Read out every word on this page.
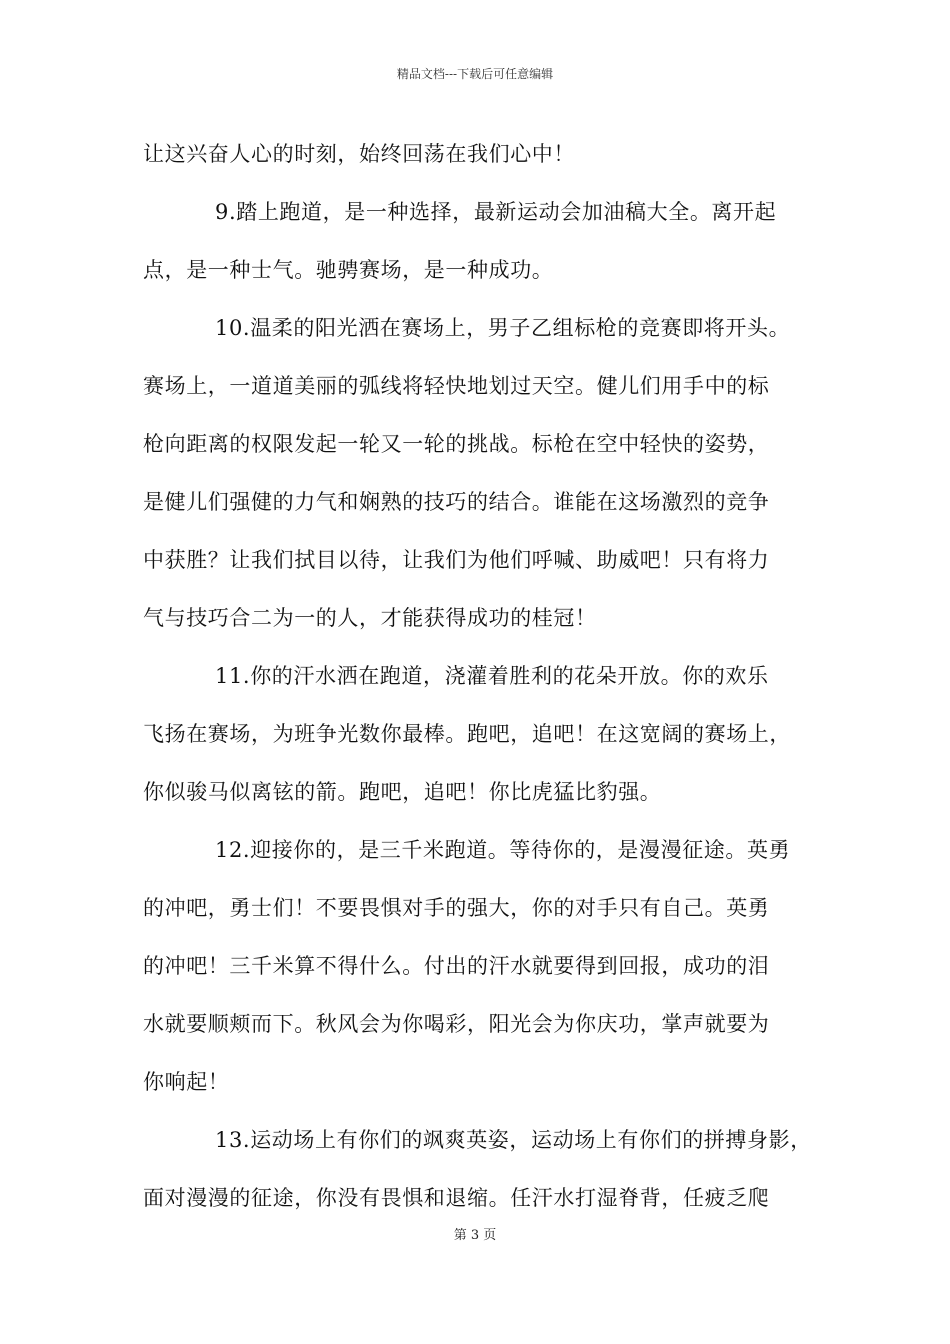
精品文档---下载后可任意编辑
让这兴奋人心的时刻，始终回荡在我们心中！
9.踏上跑道，是一种选择，最新运动会加油稿大全。离开起
点，是一种士气。驰骋赛场，是一种成功。
10.温柔的阳光洒在赛场上，男子乙组标枪的竞赛即将开头。
赛场上，一道道美丽的弧线将轻快地划过天空。健儿们用手中的标
枪向距离的权限发起一轮又一轮的挑战。标枪在空中轻快的姿势，
是健儿们强健的力气和娴熟的技巧的结合。谁能在这场激烈的竞争
中获胜？让我们拭目以待，让我们为他们呼喊、助威吧！只有将力
气与技巧合二为一的人，才能获得成功的桂冠！
11.你的汗水洒在跑道，浇灌着胜利的花朵开放。你的欢乐
飞扬在赛场，为班争光数你最棒。跑吧，追吧！在这宽阔的赛场上，
你似骏马似离铉的箭。跑吧，追吧！你比虎猛比豹强。
12.迎接你的，是三千米跑道。等待你的，是漫漫征途。英勇
的冲吧，勇士们！不要畏惧对手的强大，你的对手只有自己。英勇
的冲吧！三千米算不得什么。付出的汗水就要得到回报，成功的泪
水就要顺颊而下。秋风会为你喝彩，阳光会为你庆功，掌声就要为
你响起！
13.运动场上有你们的飒爽英姿，运动场上有你们的拼搏身影，
面对漫漫的征途，你没有畏惧和退缩。任汗水打湿脊背，任疲乏爬
第 3 页
